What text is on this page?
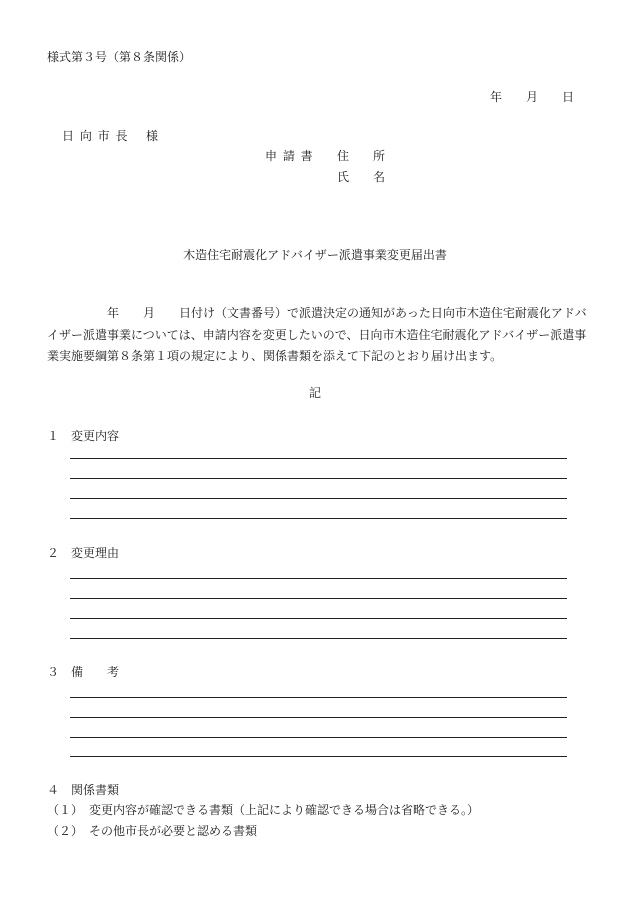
様式第３号（第８条関係）
年　　月　　日
日 向 市 長 様
申 請 書 住　　所
氏　　名
木造住宅耐震化アドバイザー派遣事業変更届出書
年　　月　　日付け（文書番号）で派遣決定の通知があった日向市木造住宅耐震化アドバ
イザー派遣事業については、申請内容を変更したいので、日向市木造住宅耐震化アドバイザー派遣事
業実施要綱第８条第１項の規定により、関係書類を添えて下記のとおり届け出ます。
記
１　変更内容
２　変更理由
３　備　　考
４　関係書類
（１）　変更内容が確認できる書類（上記により確認できる場合は省略できる。）
（２）　その他市長が必要と認める書類
